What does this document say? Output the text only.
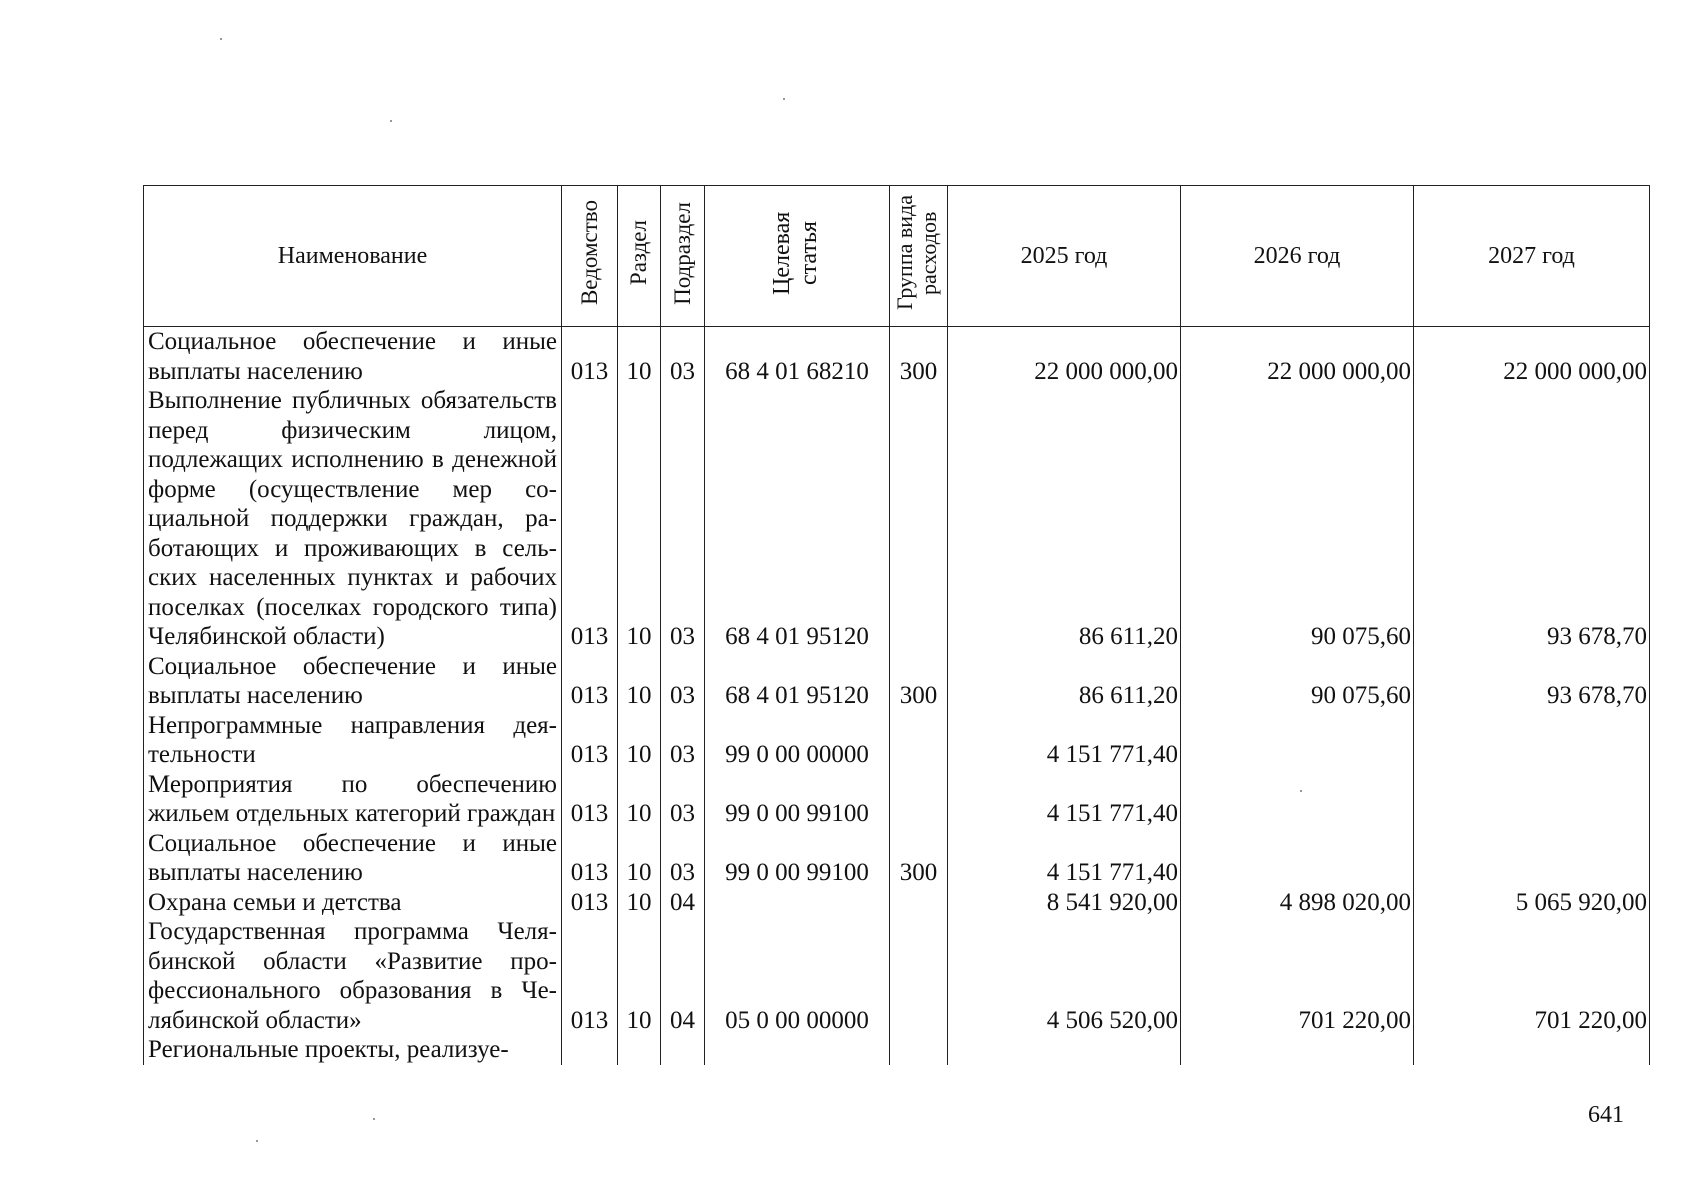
Наименование	Ведомство	Раздел	Подраздел	Целевая статья	Группа вида расходов	2025 год	2026 год	2027 год
Социальное обеспечение и иные выплаты населению	013	10	03	68 4 01 68210	300	22 000 000,00	22 000 000,00	22 000 000,00
Выполнение публичных обязательств перед физическим лицом, подлежащих исполнению в денежной форме (осуществление мер социальной поддержки граждан, работающих и проживающих в сельских населенных пунктах и рабочих поселках (поселках городского типа) Челябинской области)	013	10	03	68 4 01 95120		86 611,20	90 075,60	93 678,70
Социальное обеспечение и иные выплаты населению	013	10	03	68 4 01 95120	300	86 611,20	90 075,60	93 678,70
Непрограммные направления деятельности	013	10	03	99 0 00 00000		4 151 771,40		
Мероприятия по обеспечению жильем отдельных категорий граждан	013	10	03	99 0 00 99100		4 151 771,40		
Социальное обеспечение и иные выплаты населению	013	10	03	99 0 00 99100	300	4 151 771,40		
Охрана семьи и детства	013	10	04			8 541 920,00	4 898 020,00	5 065 920,00
Государственная программа Челябинской области «Развитие профессионального образования в Челябинской области»	013	10	04	05 0 00 00000		4 506 520,00	701 220,00	701 220,00
Региональные проекты, реализуе-								
641
